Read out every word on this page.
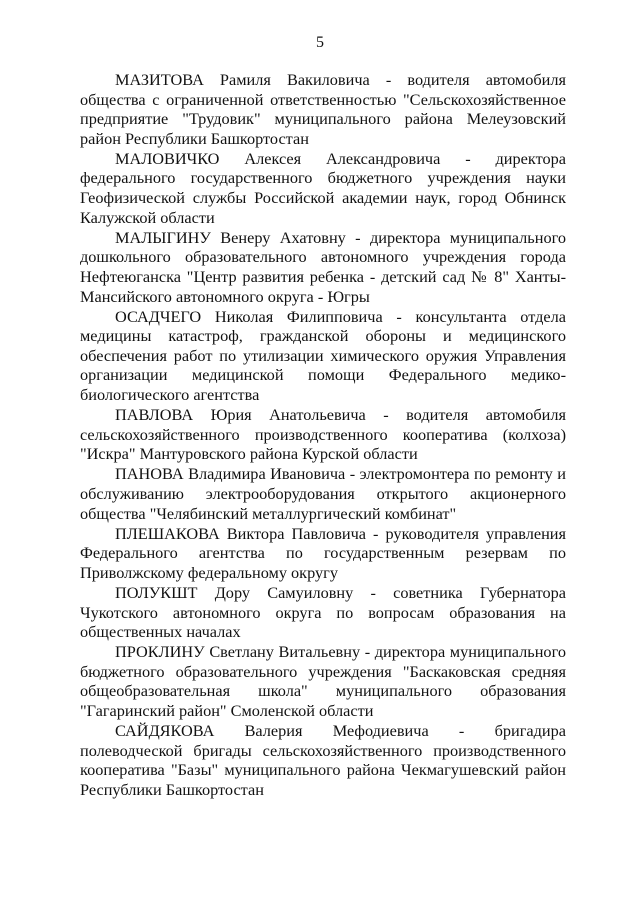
5

МАЗИТОВА Рамиля Вакиловича - водителя автомобиля общества с ограниченной ответственностью "Сельскохозяйственное предприятие "Трудовик" муниципального района Мелеузовский район Республики Башкортостан

МАЛОВИЧКО Алексея Александровича - директора федерального государственного бюджетного учреждения науки Геофизической службы Российской академии наук, город Обнинск Калужской области

МАЛЫГИНУ Венеру Ахатовну - директора муниципального дошкольного образовательного автономного учреждения города Нефтеюганска "Центр развития ребенка - детский сад № 8" Ханты-Мансийского автономного округа - Югры

ОСАДЧЕГО Николая Филипповича - консультанта отдела медицины катастроф, гражданской обороны и медицинского обеспечения работ по утилизации химического оружия Управления организации медицинской помощи Федерального медико-биологического агентства

ПАВЛОВА Юрия Анатольевича - водителя автомобиля сельскохозяйственного производственного кооператива (колхоза) "Искра" Мантуровского района Курской области

ПАНОВА Владимира Ивановича - электромонтера по ремонту и обслуживанию электрооборудования открытого акционерного общества "Челябинский металлургический комбинат"

ПЛЕШАКОВА Виктора Павловича - руководителя управления Федерального агентства по государственным резервам по Приволжскому федеральному округу

ПОЛУКШТ Дору Самуиловну - советника Губернатора Чукотского автономного округа по вопросам образования на общественных началах

ПРОКЛИНУ Светлану Витальевну - директора муниципального бюджетного образовательного учреждения "Баскаковская средняя общеобразовательная школа" муниципального образования "Гагаринский район" Смоленской области

САЙДЯКОВА Валерия Мефодиевича - бригадира полеводческой бригады сельскохозяйственного производственного кооператива "Базы" муниципального района Чекмагушевский район Республики Башкортостан
